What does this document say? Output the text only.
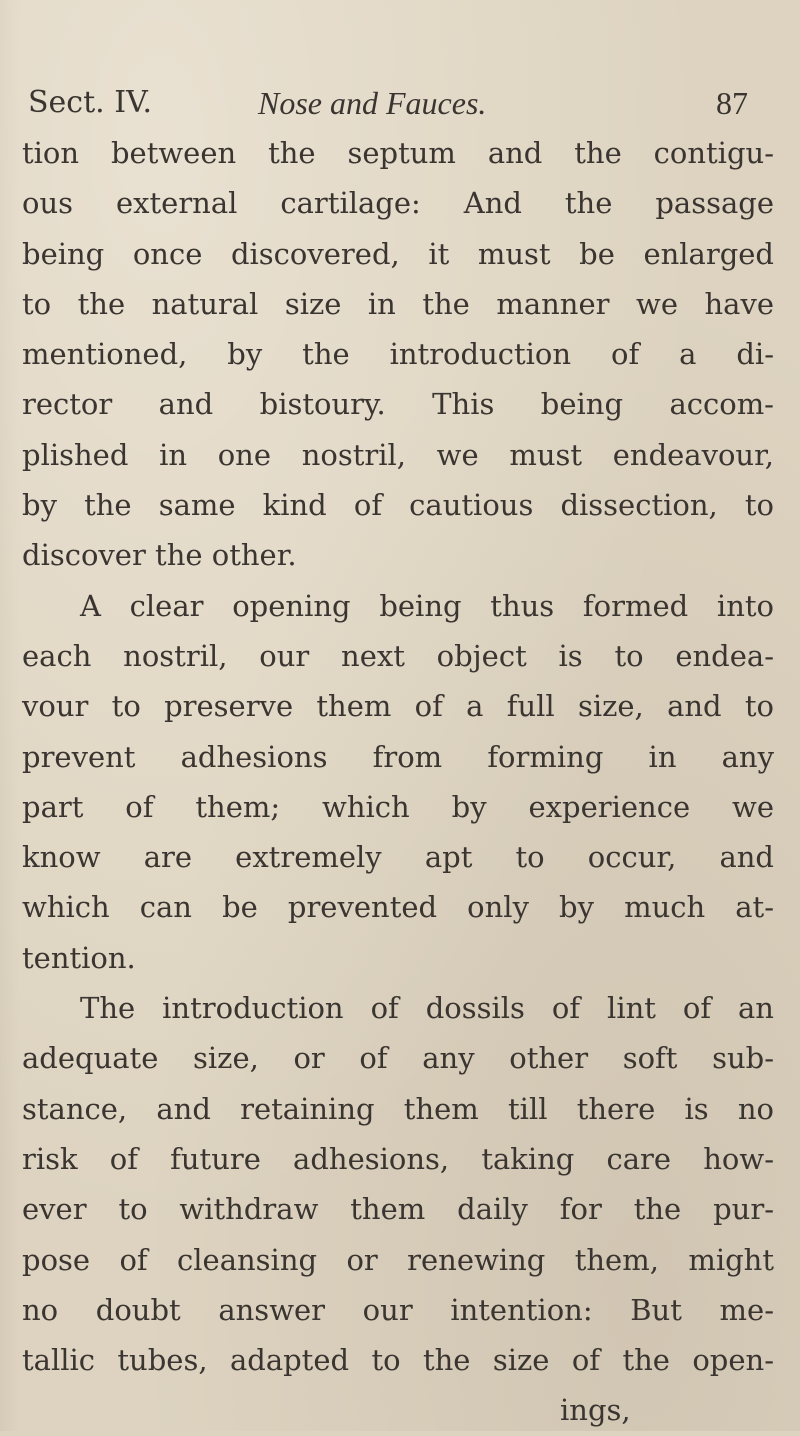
Sect. IV.	Nose and Fauces.	87
tion between the septum and the contigu-
ous external cartilage: And the passage
being once discovered, it must be enlarged
to the natural size in the manner we have
mentioned, by the introduction of a di-
rector and bistoury. This being accom-
plished in one nostril, we must endeavour,
by the same kind of cautious dissection, to
discover the other.
A clear opening being thus formed into
each nostril, our next object is to endea-
vour to preserve them of a full size, and to
prevent adhesions from forming in any
part of them; which by experience we
know are extremely apt to occur, and
which can be prevented only by much at-
tention.
The introduction of dossils of lint of an
adequate size, or of any other soft sub-
stance, and retaining them till there is no
risk of future adhesions, taking care how-
ever to withdraw them daily for the pur-
pose of cleansing or renewing them, might
no doubt answer our intention: But me-
tallic tubes, adapted to the size of the open-
ings,
